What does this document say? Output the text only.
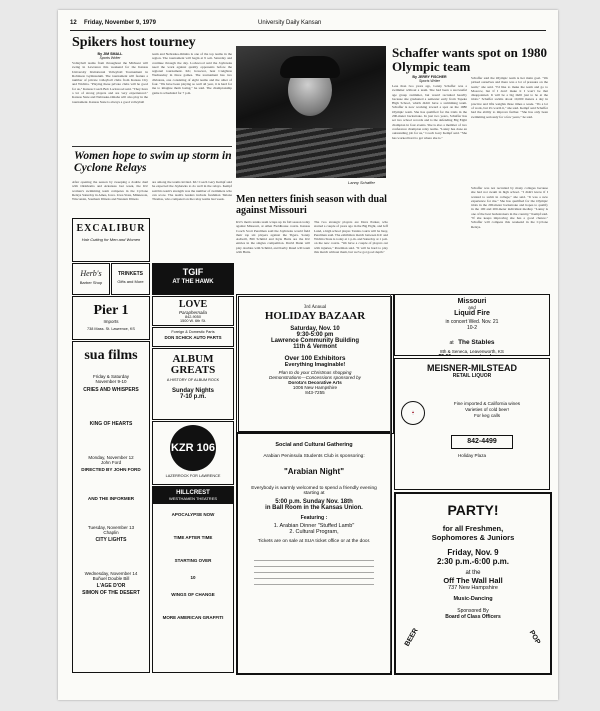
12 Friday, November 9, 1979	University Daily Kansan
Spikers host tourney
By JIM SMALL
Sports Writer
Volleyball teams from throughout the Midwest will swing in Lawrence this weekend for the Kansas University Invitational Volleyball Tournament in Robinson Gymnasium. The tournament will feature a number of private volleyball clubs from Kansas City and Wichita. "Playing these private clubs will be good for us," Kansas Coach Bob Lockwood said. "They have a lot of strong players and are very experienced." Kansas State and Nebraska-Omaha will also play in the tournament. Kansas State is always a good volleyball
team and Nebraska-Omaha is one of the top teams in the region. The tournament will begin at 9 a.m. Saturday and continue through the day. Lockwood said the Jayhawks need the work against quality opponents before the regional tournament. KU, however, beat Creighton Wednesday in three games. The tournament has two divisions, one consisting of eight teams and the other of four. "We have been playing so well all year, it is hard for me to imagine them losing," he said. The championship game is scheduled for 7 p.m.
Women hope to swim up storm in Cyclone Relays
After opening the season by sweeping a double dual with Oklahoma and Arkansas last week, the KU women's swimming team competes in the Cyclone Relays Saturday in Ames, Iowa. Iowa State, Minnesota, Wisconsin, Southern Illinois and Western Illinois
are among the teams invited. KU Coach Gary Kempf said he expected the Jayhawks to do well in the relays. Kempf said his team's strength was the number of swimmers who can score. The team's leaders include freshman Tatiana Thomas, who competed on the relay teams last week.
EXCALIBUR
Hair Cutting for Men and Women
Herb's
Barber Shop
TRINKETS
Gifts and More
Pier 1
Imports
738 Mass. St. Lawrence, KS
sua films
Friday & Saturday
November 9-10
CRIES AND WHISPERS
KING OF HEARTS
Monday, November 12
John Ford
DIRECTED BY JOHN FORD
AND THE INFORMER
Tuesday, November 13
Chaplin
CITY LIGHTS
Wednesday, November 14
Buñuel Double Bill
L'AGE D'OR
SIMON OF THE DESERT
TGIF
AT THE HAWK
LOVE
Paraphernalia
842-9050
1500 W. 6th St.
Foreign & Domestic Parts
DON SCHICK AUTO PARTS
ALBUM GREATS
A HISTORY OF ALBUM ROCK
Sunday Nights
7-10 p.m.
KZR 106
LAZERROCK FOR LAWRENCE
HILLCREST
WESTHAMEN THEATRES
APOCALYPSE NOW
TIME AFTER TIME
STARTING OVER
10
WINGS OF CHANGE
MORE AMERICAN GRAFFITI
Lanny Schaffer
Schaffer wants spot on 1980 Olympic team
By JERRY FISCHER
Sports Writer
Less than two years ago, Lanny Schaffer was a swimmer without a team. She had been a successful age group swimmer, but wasn't recruited heavily because she graduated a semester early from Topeka High School, which didn't have a swimming team. Schaffer is now working toward a spot on the 1980 Olympic team. She has qualified for the trials in the 200-meter backstroke. In just two years, Schaffer has set two school records and is the defending Big Eight champion in four events. She is also a member of two conference champion relay teams. "Lanny has done an outstanding job for us," Coach Gary Kempf said. "She has worked hard to get where she is."
Schaffer said the Olympic team is her main goal. "We picked ourselves and there was a lot of pressure on the team," she said. "I'd like to make the team and go to Moscow, but if I don't make it I won't be that disappointed. It will be a big thrill just to be at the trials." Schaffer swims about 10,000 meters a day in practice and lifts weights three times a week. "It's a lot of work, but it's worth it," she said. Kempf said Schaffer had the ability to improve further. "She has only been swimming seriously for a few years," he said.
Schaffer was not recruited by many colleges because she had not swum in high school. "I didn't know if I wanted to swim in college," she said. "It was a new experience for me." She has qualified for the Olympic trials in the 200-meter backstroke and hopes to qualify in the 100 and 200-meter individual medley. "Lanny is one of the best backstrokers in the country," Kempf said. "If she keeps improving she has a good chance." Schaffer will compete this weekend in the Cyclone Relays.
Men netters finish season with dual against Missouri
KU's men's tennis team wraps up its fall season today against Missouri, at Allen Fieldhouse courts. Kansas Coach Scott Perelman said the Jayhawks would field their top six players against the Tigers. Sonny Ashwill, Bill Schmid and Kyle Butts are the KU entries in the singles competition. David Dunn will play doubles with Schmid, and Kerby Ruud will team with Butts.
The two strategic players are Dave Parker, who started a couple of years ago in the Big Eight, and Jeff Lund, a high school player. Tennis courts will be busy, Perelman said. The exhibition match between KU and Wichita State is today at 1 p.m. and Saturday at 1 p.m. on the new courts. "We have a couple of players out with injuries," Perelman said. "It will be hard to play this match without them, but we've got good depth."
3rd Annual
HOLIDAY BAZAAR
Saturday, Nov. 10
9:30-5:00 pm
Lawrence Community Building
11th & Vermont
Over 100 Exhibitors
Everything Imaginable!
Plan to do your Christmas shopping
Demonstrations—Concessions sponsored by
Dorota's Decorative Arts
1006 New Hampshire
843-7255
Social and Cultural Gathering
Arabian Peninsula Students Club is sponsoring:
"Arabian Night"
Everybody is warmly welcomed to spend a friendly evening starting at
5:00 p.m. Sunday Nov. 18th
in Ball Room in the Kansas Union.
Featuring :
1. Arabian Dinner "Stuffed Lamb"
2. Cultural Program,
Tickets are on sale at SUA ticket office or at the door.
Missouri
and
Liquid Fire
in concert Wed. Nov. 21
10-2
at The Stables
8th & Seneca, Leavenworth, KS
MEISNER-MILSTEAD
RETAIL LIQUOR
🍷
Fine imported & California wines
Varieties of cold beer!
For keg calls
842-4499
Holiday Plaza
PARTY!
for all Freshmen,
Sophomores & Juniors
Friday, Nov. 9
2:30 p.m.-6:00 p.m.
at the
Off The Wall Hall
737 New Hampshire
Music-Dancing
Sponsored By
Board of Class Officers
BEER	POP
